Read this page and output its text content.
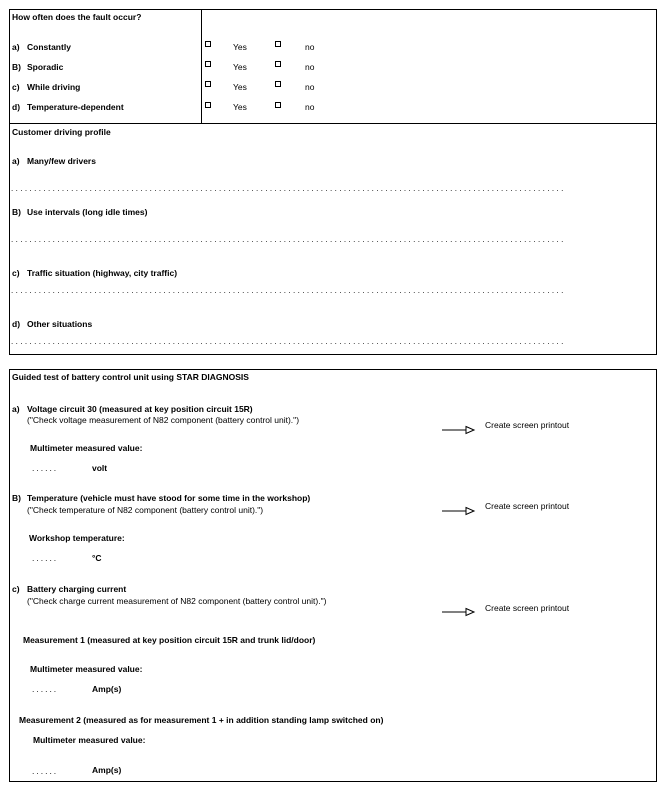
How often does the fault occur?
a) Constantly	Yes	no
B) Sporadic	Yes	no
c) While driving	Yes	no
d) Temperature-dependent	Yes	no
Customer driving profile
a) Many/few drivers
........................................................................................................................
B) Use intervals (long idle times)
........................................................................................................................
c) Traffic situation (highway, city traffic)
........................................................................................................................
d) Other situations
........................................................................................................................
Guided test of battery control unit using STAR DIAGNOSIS
a) Voltage circuit 30 (measured at key position circuit 15R)
("Check voltage measurement of N82 component (battery control unit).")	Create screen printout
Multimeter measured value:
......	volt
B) Temperature (vehicle must have stood for some time in the workshop)
("Check temperature of N82 component (battery control unit).")	Create screen printout
Workshop temperature:
......	°C
c) Battery charging current
("Check charge current measurement of N82 component (battery control unit).")
Create screen printout
Measurement 1 (measured at key position circuit 15R and trunk lid/door)
Multimeter measured value:
......	Amp(s)
Measurement 2 (measured as for measurement 1 + in addition standing lamp switched on)
Multimeter measured value:
......	Amp(s)
